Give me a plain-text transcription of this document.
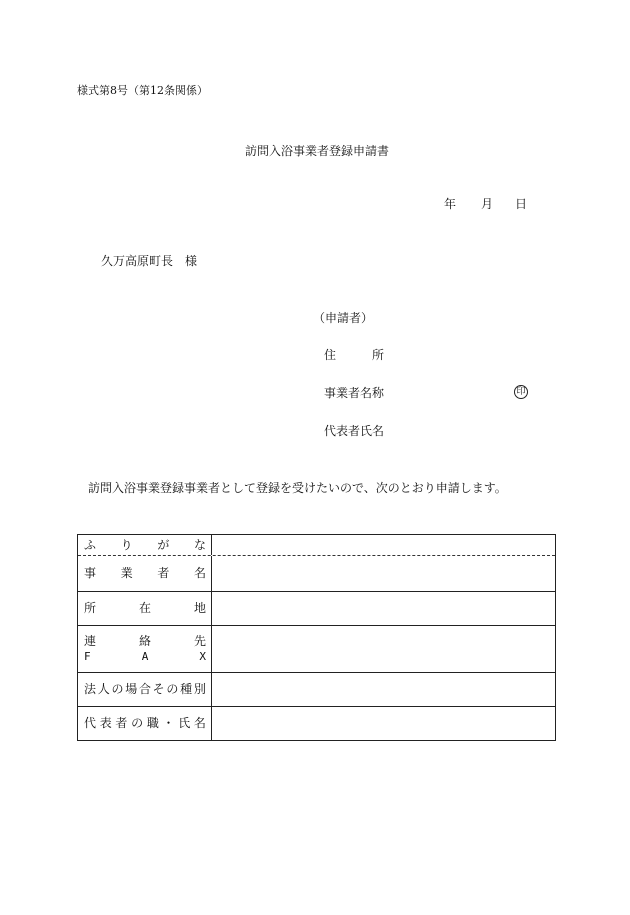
様式第8号（第12条関係）
訪問入浴事業者登録申請書
年 月 日
久万高原町長　様
（申請者）
住	所
事業者名称	印
代表者氏名
訪問入浴事業登録事業者として登録を受けたいので、次のとおり申請します。
ふ り が な
事 業 者 名
所	在	地
連	絡	先
F	A	X
法 人 の 場 合 そ の 種 別
代 表 者 の 職 ・ 氏 名
